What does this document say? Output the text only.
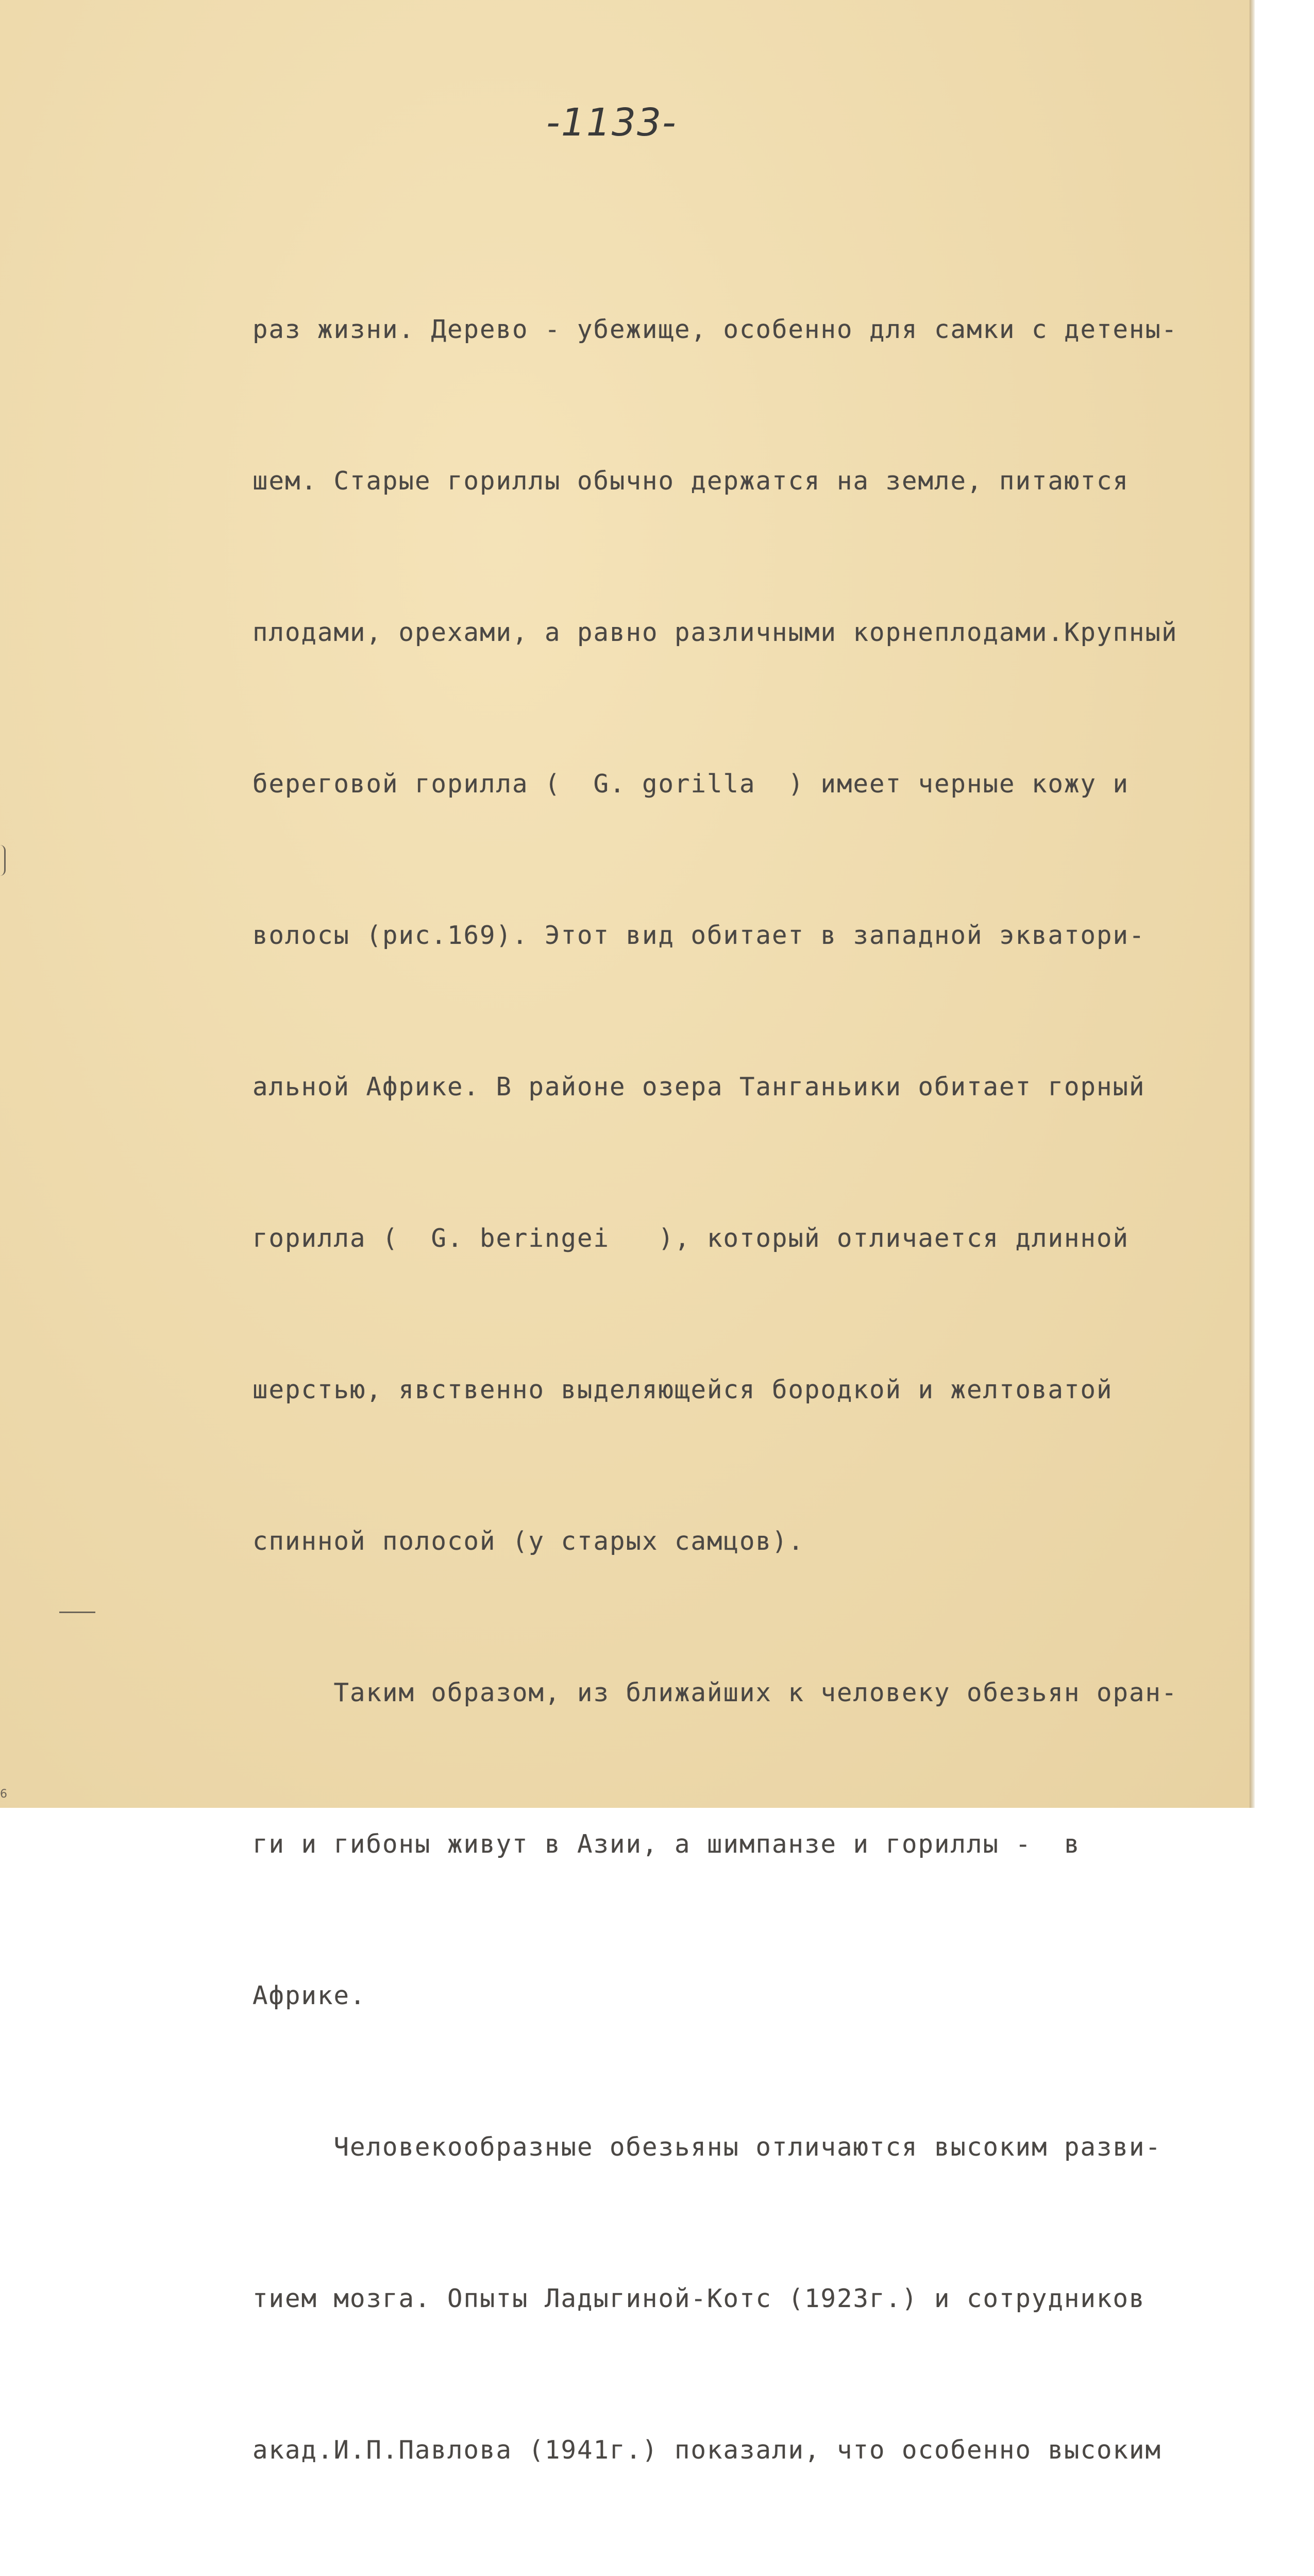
-1133-

раз жизни. Дерево - убежище, особенно для самки с детены-

шем. Старые гориллы обычно держатся на земле, питаются

плодами, орехами, а равно различными корнеплодами.Крупный

береговой горилла (  G. gorilla  ) имеет черные кожу и

волосы (рис.169). Этот вид обитает в западной экватори-

альной Африке. В районе озера Танганьики обитает горный

горилла (  G. beringei   ), который отличается длинной

шерстью, явственно выделяющейся бородкой и желтоватой

спинной полосой (у старых самцов).

Таким образом, из ближайших к человеку обезьян оран-

ги и гибоны живут в Азии, а шимпанзе и гориллы -  в

Африке.

Человекообразные обезьяны отличаются высоким разви-

тием мозга. Опыты Ладыгиной-Котс (1923г.) и сотрудников

акад.И.П.Павлова (1941г.) показали, что особенно высоким

6
